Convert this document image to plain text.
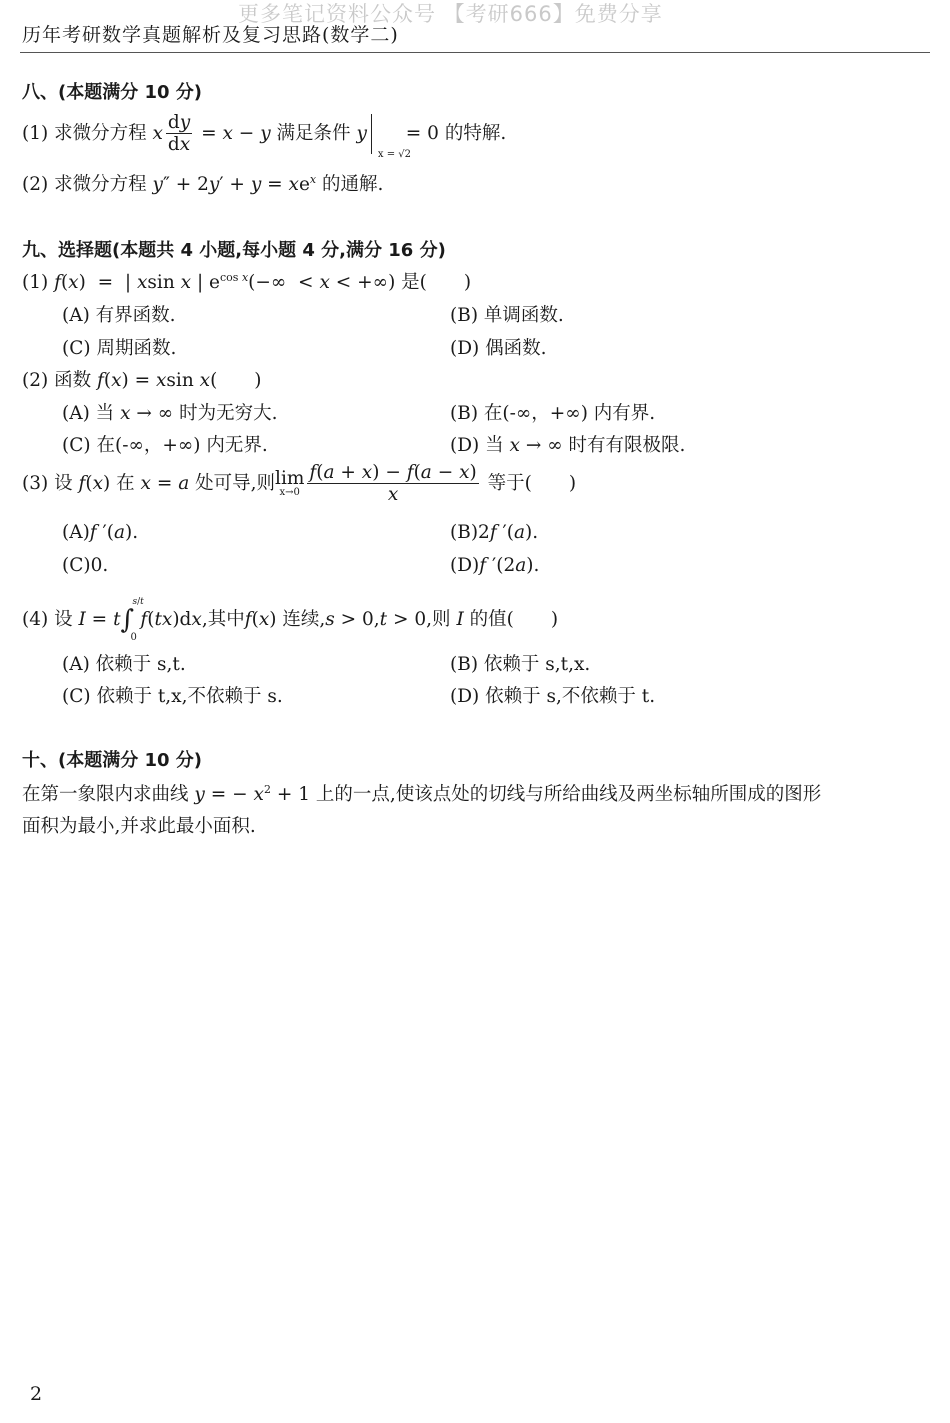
更多笔记资料公众号 【考研666】免费分享
历年考研数学真题解析及复习思路(数学二)
八、(本题满分 10 分)
(1) 求微分方程 x $\frac{dy}{dx} = x - y$ 满足条件 y
x = √2
= 0 的特解.
(2) 求微分方程 $y'' + 2y' + y = xe^x$ 的通解.
九、选择题(本题共 4 小题,每小题 4 分,满分 16 分)
(1) f(x)  =  | xsin x | $e^{cos x}(-\infty < x$ < +∞) 是(　　)
(A) 有界函数.	(B) 单调函数.
(C) 周期函数.	(D) 偶函数.
(2) 函数 f(x) = xsin x(　　)
(A) 当 x → ∞ 时为无穷大.	(B) 在(-∞，+∞) 内有界.
(C) 在(-∞，+∞) 内无界.	(D) 当 x → ∞ 时有有限极限.
(3) 设 f(x) 在 x = a 处可导,则 lim
$x\to 0 \frac{f(a + x) - f(a - x)}{x}$ 等于(　　)
(A)f ′(a).	(B)2f ′(a).
(C)0.	(D)f ′(2a).
(4) 设 I = t∫
s/t
0
f(tx)dx,其中f(x) 连续,s > 0,t > 0,则 I 的值(　　)
(A) 依赖于 s,t.	(B) 依赖于 s,t,x.
(C) 依赖于 t,x,不依赖于 s.	(D) 依赖于 s,不依赖于 t.
十、(本题满分 10 分)
在第一象限内求曲线 y = − $x^2 + 1$ 上的一点,使该点处的切线与所给曲线及两坐标轴所围成的图形
面积为最小,并求此最小面积.
2
